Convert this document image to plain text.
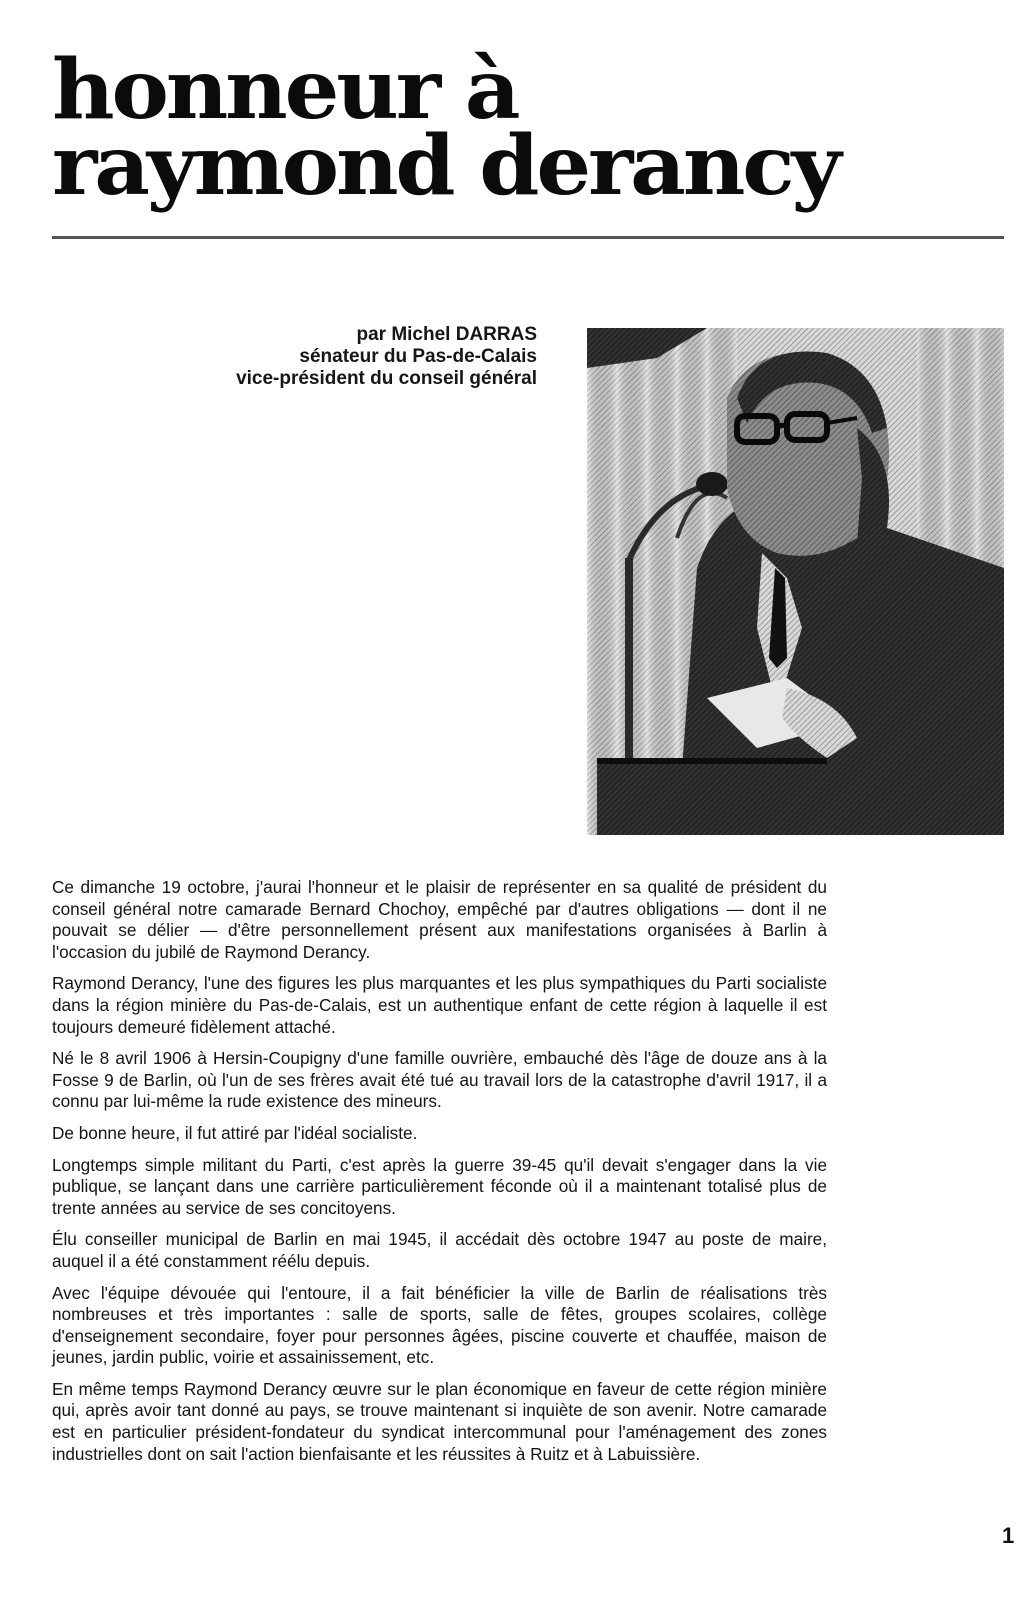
honneur à
raymond derancy
par Michel DARRAS
sénateur du Pas-de-Calais
vice-président du conseil général

Ce dimanche 19 octobre, j'aurai l'honneur et le plaisir de représenter en sa qualité de président du conseil général notre camarade Bernard Chochoy, empêché par d'autres obligations — dont il ne pouvait se délier — d'être personnellement présent aux manifestations organisées à Barlin à l'occasion du jubilé de Raymond Derancy.

Raymond Derancy, l'une des figures les plus marquantes et les plus sympathiques du Parti socialiste dans la région minière du Pas-de-Calais, est un authentique enfant de cette région à laquelle il est toujours demeuré fidèlement attaché.

Né le 8 avril 1906 à Hersin-Coupigny d'une famille ouvrière, embauché dès l'âge de douze ans à la Fosse 9 de Barlin, où l'un de ses frères avait été tué au travail lors de la catastrophe d'avril 1917, il a connu par lui-même la rude existence des mineurs.

De bonne heure, il fut attiré par l'idéal socialiste.

Longtemps simple militant du Parti, c'est après la guerre 39-45 qu'il devait s'engager dans la vie publique, se lançant dans une carrière particulièrement féconde où il a maintenant totalisé plus de trente années au service de ses concitoyens.

Élu conseiller municipal de Barlin en mai 1945, il accédait dès octobre 1947 au poste de maire, auquel il a été constamment réélu depuis.

Avec l'équipe dévouée qui l'entoure, il a fait bénéficier la ville de Barlin de réalisations très nombreuses et très importantes : salle de sports, salle de fêtes, groupes scolaires, collège d'enseignement secondaire, foyer pour personnes âgées, piscine couverte et chauffée, maison de jeunes, jardin public, voirie et assainissement, etc.

En même temps Raymond Derancy œuvre sur le plan économique en faveur de cette région minière qui, après avoir tant donné au pays, se trouve maintenant si inquiète de son avenir. Notre camarade est en particulier président-fondateur du syndicat intercommunal pour l'aménagement des zones industrielles dont on sait l'action bienfaisante et les réussites à Ruitz et à Labuissière.

1
